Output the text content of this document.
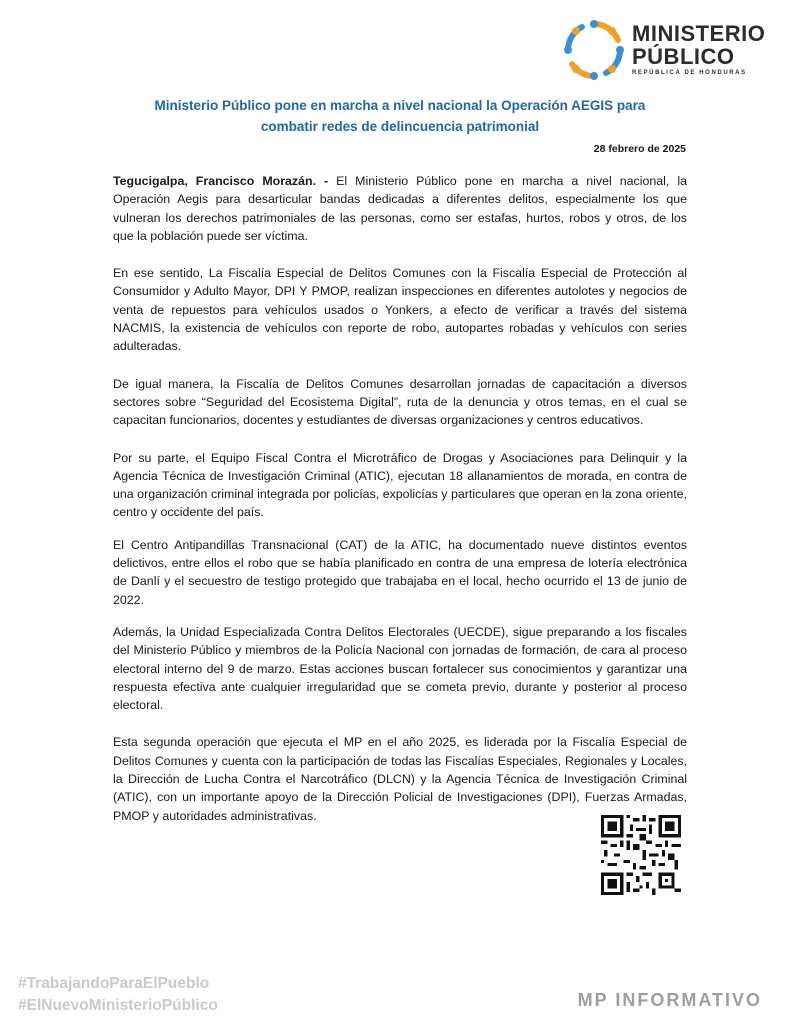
MINISTERIO
PÚBLICO
REPÚBLICA DE HONDURAS
Ministerio Público pone en marcha a nivel nacional la Operación AEGIS para
combatir redes de delincuencia patrimonial
28 febrero de 2025

Tegucigalpa, Francisco Morazán. - El Ministerio Público pone en marcha a nivel nacional, la Operación Aegis para desarticular bandas dedicadas a diferentes delitos, especialmente los que vulneran los derechos patrimoniales de las personas, como ser estafas, hurtos, robos y otros, de los que la población puede ser víctima.

En ese sentido, La Fiscalía Especial de Delitos Comunes con la Fiscalía Especial de Protección al Consumidor y Adulto Mayor, DPI Y PMOP, realizan inspecciones en diferentes autolotes y negocios de venta de repuestos para vehículos usados o Yonkers, a efecto de verificar a través del sistema NACMIS, la existencia de vehículos con reporte de robo, autopartes robadas y vehículos con series adulteradas.

De igual manera, la Fiscalía de Delitos Comunes desarrollan jornadas de capacitación a diversos sectores sobre “Seguridad del Ecosistema Digital”, ruta de la denuncia y otros temas, en el cual se capacitan funcionarios, docentes y estudiantes de diversas organizaciones y centros educativos.

Por su parte, el Equipo Fiscal Contra el Microtráfico de Drogas y Asociaciones para Delinquir y la Agencia Técnica de Investigación Criminal (ATIC), ejecutan 18 allanamientos de morada, en contra de una organización criminal integrada por policías, expolicías y particulares que operan en la zona oriente, centro y occidente del país.

El Centro Antipandillas Transnacional (CAT) de la ATIC, ha documentado nueve distintos eventos delictivos, entre ellos el robo que se había planificado en contra de una empresa de lotería electrónica de Danlí y el secuestro de testigo protegido que trabajaba en el local, hecho ocurrido el 13 de junio de 2022.

Además, la Unidad Especializada Contra Delitos Electorales (UECDE), sigue preparando a los fiscales del Ministerio Público y miembros de la Policía Nacional con jornadas de formación, de cara al proceso electoral interno del 9 de marzo. Estas acciones buscan fortalecer sus conocimientos y garantizar una respuesta efectiva ante cualquier irregularidad que se cometa previo, durante y posterior al proceso electoral.

Esta segunda operación que ejecuta el MP en el año 2025, es liderada por la Fiscalía Especial de Delitos Comunes y cuenta con la participación de todas las Fiscalías Especiales, Regionales y Locales, la Dirección de Lucha Contra el Narcotráfico (DLCN) y la Agencia Técnica de Investigación Criminal (ATIC), con un importante apoyo de la Dirección Policial de Investigaciones (DPI), Fuerzas Armadas, PMOP y autoridades administrativas.

#TrabajandoParaElPueblo
#ElNuevoMinisterioPúblico	MP INFORMATIVO
